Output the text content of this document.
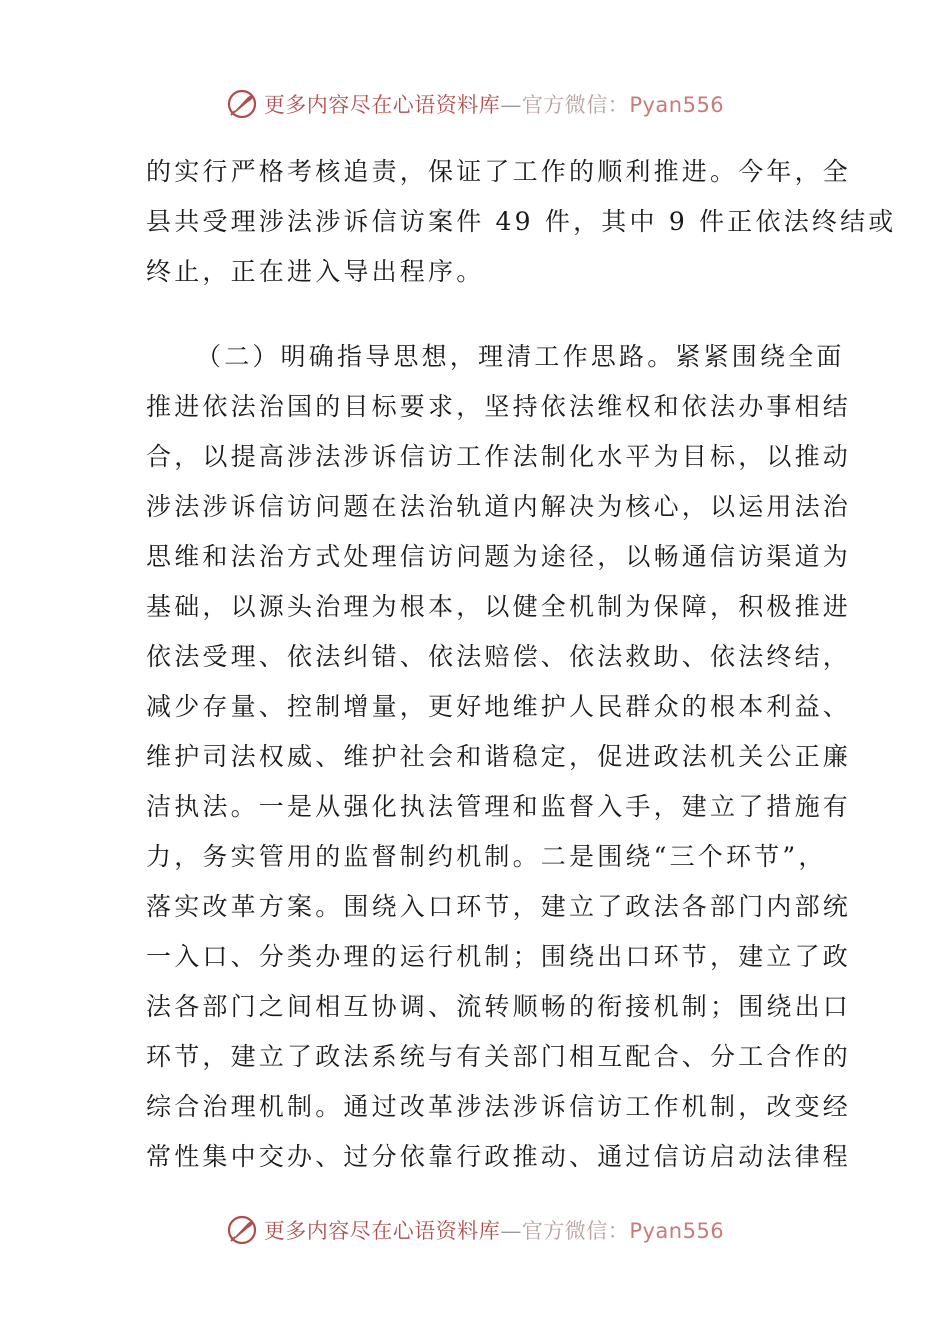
更多内容尽在心语资料库—官方微信：Pyan556
的实行严格考核追责，保证了工作的顺利推进。今年，全
县共受理涉法涉诉信访案件 49 件，其中 9 件正依法终结或
终止，正在进入导出程序。
（二）明确指导思想，理清工作思路。紧紧围绕全面
推进依法治国的目标要求，坚持依法维权和依法办事相结
合，以提高涉法涉诉信访工作法制化水平为目标，以推动
涉法涉诉信访问题在法治轨道内解决为核心，以运用法治
思维和法治方式处理信访问题为途径，以畅通信访渠道为
基础，以源头治理为根本，以健全机制为保障，积极推进
依法受理、依法纠错、依法赔偿、依法救助、依法终结，
减少存量、控制增量，更好地维护人民群众的根本利益、
维护司法权威、维护社会和谐稳定，促进政法机关公正廉
洁执法。一是从强化执法管理和监督入手，建立了措施有
力，务实管用的监督制约机制。二是围绕“三个环节”，
落实改革方案。围绕入口环节，建立了政法各部门内部统
一入口、分类办理的运行机制；围绕出口环节，建立了政
法各部门之间相互协调、流转顺畅的衔接机制；围绕出口
环节，建立了政法系统与有关部门相互配合、分工合作的
综合治理机制。通过改革涉法涉诉信访工作机制，改变经
常性集中交办、过分依靠行政推动、通过信访启动法律程
更多内容尽在心语资料库—官方微信：Pyan556
